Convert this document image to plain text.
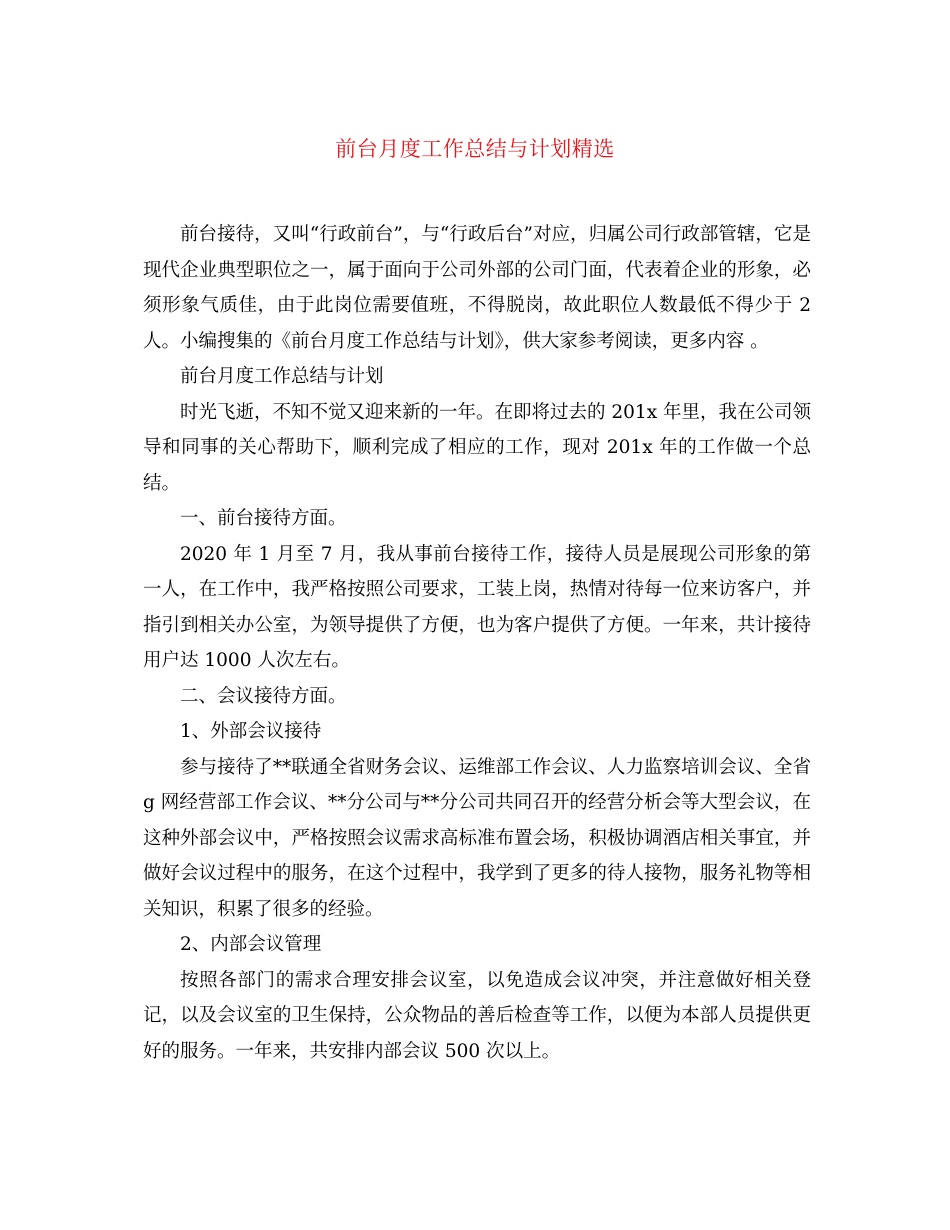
前台月度工作总结与计划精选

前台接待，又叫“行政前台”，与“行政后台”对应，归属公司行政部管辖，它是现代企业典型职位之一，属于面向于公司外部的公司门面，代表着企业的形象，必须形象气质佳，由于此岗位需要值班，不得脱岗，故此职位人数最低不得少于 2 人。小编搜集的《前台月度工作总结与计划》，供大家参考阅读，更多内容 。

前台月度工作总结与计划

时光飞逝，不知不觉又迎来新的一年。在即将过去的 201x 年里，我在公司领导和同事的关心帮助下，顺利完成了相应的工作，现对 201x 年的工作做一个总结。

一、前台接待方面。

2020 年 1 月至 7 月，我从事前台接待工作，接待人员是展现公司形象的第一人，在工作中，我严格按照公司要求，工装上岗，热情对待每一位来访客户，并指引到相关办公室，为领导提供了方便，也为客户提供了方便。一年来，共计接待用户达 1000 人次左右。

二、会议接待方面。

1、外部会议接待

参与接待了**联通全省财务会议、运维部工作会议、人力监察培训会议、全省 g 网经营部工作会议、**分公司与**分公司共同召开的经营分析会等大型会议，在这种外部会议中，严格按照会议需求高标准布置会场，积极协调酒店相关事宜，并做好会议过程中的服务，在这个过程中，我学到了更多的待人接物，服务礼物等相关知识，积累了很多的经验。

2、内部会议管理

按照各部门的需求合理安排会议室，以免造成会议冲突，并注意做好相关登记，以及会议室的卫生保持，公众物品的善后检查等工作，以便为本部人员提供更好的服务。一年来，共安排内部会议 500 次以上。
